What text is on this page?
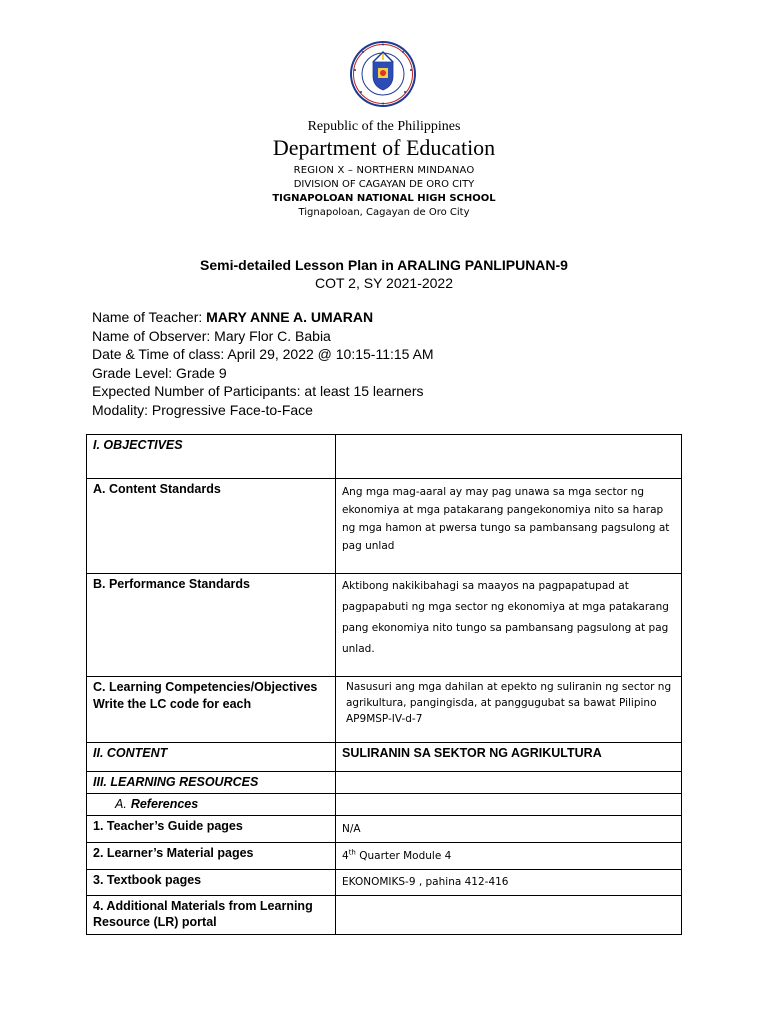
Republic of the Philippines
Department of Education
REGION X – NORTHERN MINDANAO
DIVISION OF CAGAYAN DE ORO CITY
TIGNAPOLOAN NATIONAL HIGH SCHOOL
Tignapoloan, Cagayan de Oro City
Semi-detailed Lesson Plan in ARALING PANLIPUNAN-9
COT 2, SY 2021-2022
Name of Teacher: MARY ANNE A. UMARAN
Name of Observer: Mary Flor C. Babia
Date & Time of class: April 29, 2022 @ 10:15-11:15 AM
Grade Level: Grade 9
Expected Number of Participants: at least 15 learners
Modality: Progressive Face-to-Face
I. OBJECTIVES	
A. Content Standards	Ang mga mag-aaral ay may pag unawa sa mga sector ng ekonomiya at mga patakarang pangekonomiya nito sa harap ng mga hamon at pwersa tungo sa pambansang pagsulong at pag unlad
B. Performance Standards	Aktibong nakikibahagi sa maayos na pagpapatupad at pagpapabuti ng mga sector ng ekonomiya at mga patakarang pang ekonomiya nito tungo sa pambansang pagsulong at pag unlad.
C. Learning Competencies/Objectives Write the LC code for each	Nasusuri ang mga dahilan at epekto ng suliranin ng sector ng agrikultura, pangingisda, at panggugubat sa bawat Pilipino AP9MSP-IV-d-7
II. CONTENT	SULIRANIN SA SEKTOR NG AGRIKULTURA
III. LEARNING RESOURCES	
A. References	
1. Teacher’s Guide pages	N/A
2. Learner’s Material pages	4th Quarter Module 4
3. Textbook pages	EKONOMIKS-9 , pahina 412-416
4. Additional Materials from Learning Resource (LR) portal	
